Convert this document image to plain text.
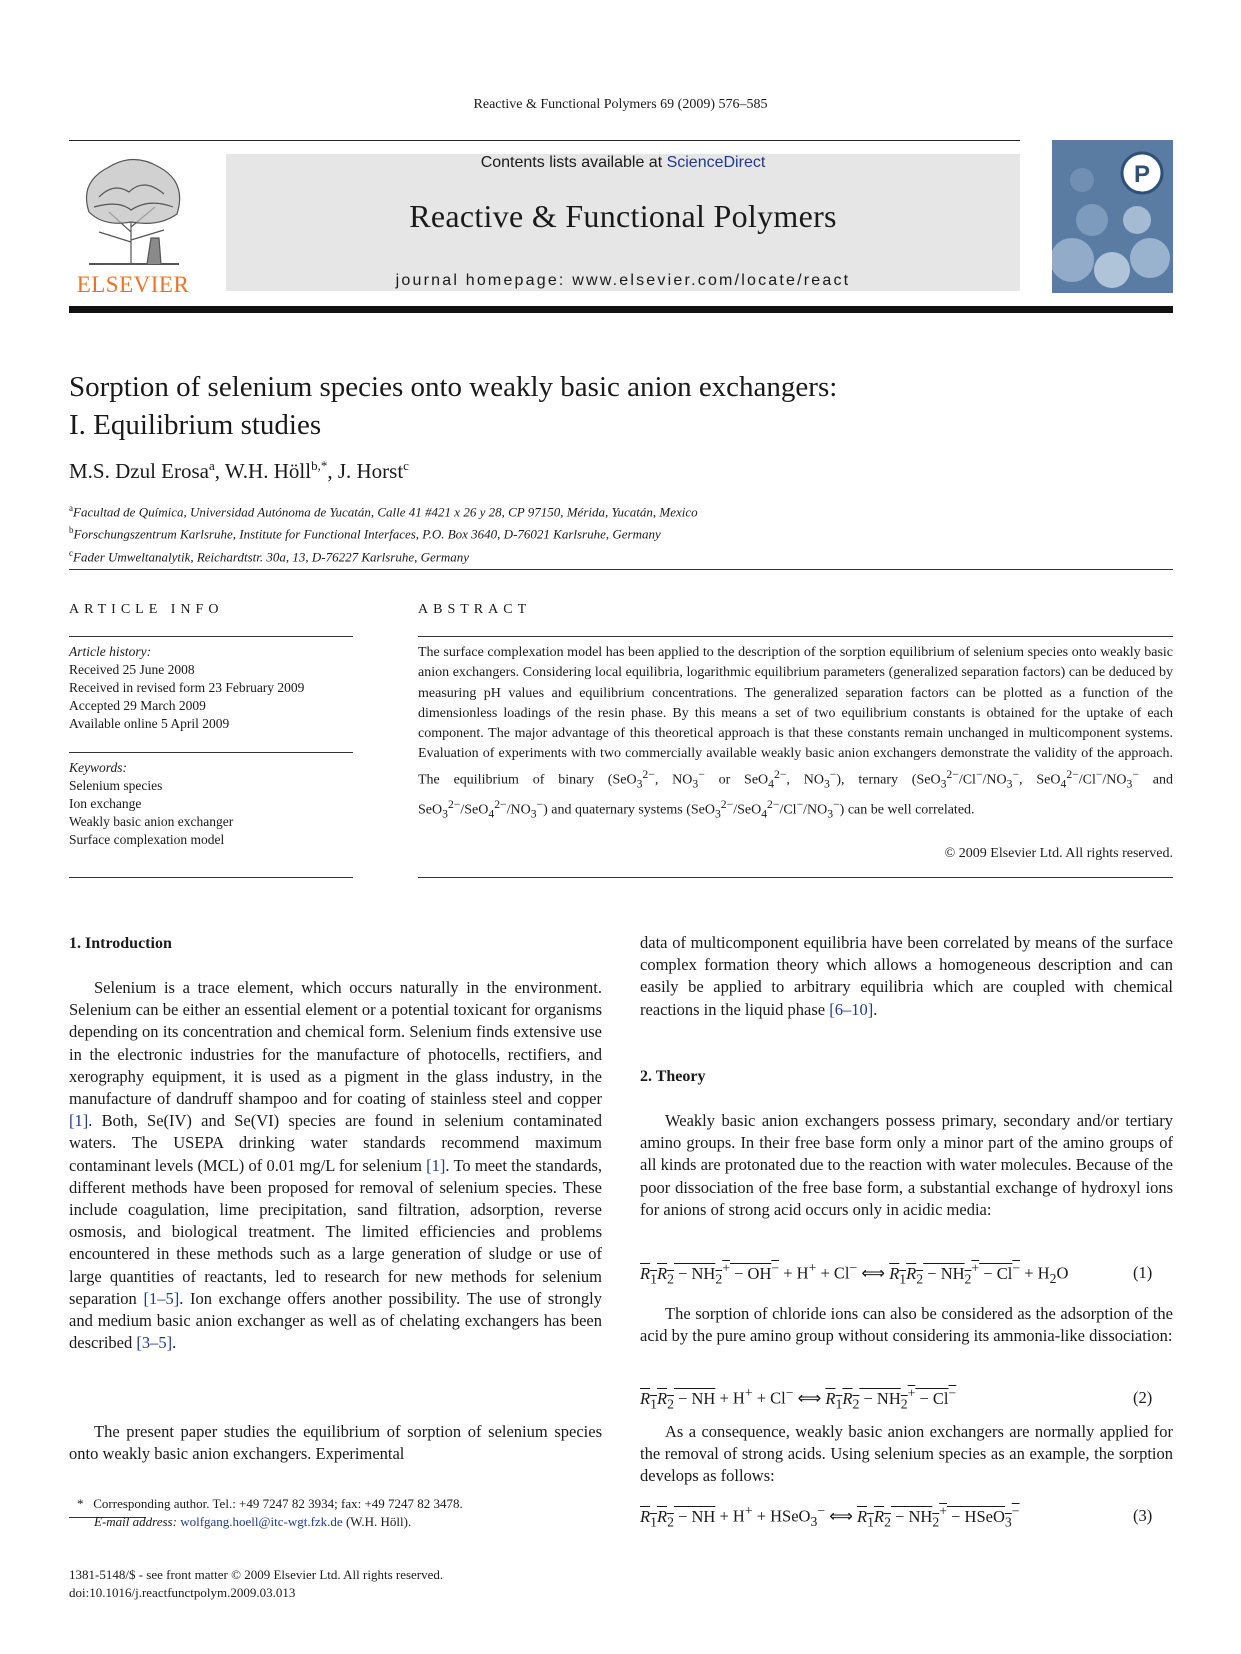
Reactive & Functional Polymers 69 (2009) 576–585
ELSEVIER
Contents lists available at ScienceDirect
Reactive & Functional Polymers
journal homepage: www.elsevier.com/locate/react
P
Sorption of selenium species onto weakly basic anion exchangers:
I. Equilibrium studies
M.S. Dzul Erosa$^a$, W.H. Höll$^{b,*}$, J. Horst$^c$
$^a$Facultad de Química, Universidad Autónoma de Yucatán, Calle 41 #421 x 26 y 28, CP 97150, Mérida, Yucatán, Mexico
$^b$Forschungszentrum Karlsruhe, Institute for Functional Interfaces, P.O. Box 3640, D-76021 Karlsruhe, Germany
$^c$Fader Umweltanalytik, Reichardtstr. 30a, 13, D-76227 Karlsruhe, Germany
ARTICLE INFO
Article history:
Received 25 June 2008
Received in revised form 23 February 2009
Accepted 29 March 2009
Available online 5 April 2009
Keywords:
Selenium species
Ion exchange
Weakly basic anion exchanger
Surface complexation model
ABSTRACT
The surface complexation model has been applied to the description of the sorption equilibrium of selenium species onto weakly basic anion exchangers. Considering local equilibria, logarithmic equilibrium parameters (generalized separation factors) can be deduced by measuring pH values and equilibrium concentrations. The generalized separation factors can be plotted as a function of the dimensionless loadings of the resin phase. By this means a set of two equilibrium constants is obtained for the uptake of each component. The major advantage of this theoretical approach is that these constants remain unchanged in multicomponent systems. Evaluation of experiments with two commercially available weakly basic anion exchangers demonstrate the validity of the approach. The equilibrium of binary (SeO$_3^{2-}$, $NO_3^-$ or SeO$_4^{2-}$, $NO_3^-$), ternary ($SeO_3^{2-}/Cl^-/NO_3^-$, $SeO_4^{2-}/Cl^-/NO_3^-$ and $SeO_3^{2-}/SeO_4^{2-}/NO_3^-$) and quaternary systems $(SeO_3^{2-}/SeO_4^{2-}/Cl^-/NO_3^-)$ can be well correlated.
© 2009 Elsevier Ltd. All rights reserved.
1. Introduction
Selenium is a trace element, which occurs naturally in the environment. Selenium can be either an essential element or a potential toxicant for organisms depending on its concentration and chemical form. Selenium finds extensive use in the electronic industries for the manufacture of photocells, rectifiers, and xerography equipment, it is used as a pigment in the glass industry, in the manufacture of dandruff shampoo and for coating of stainless steel and copper [1]. Both, Se(IV) and Se(VI) species are found in selenium contaminated waters. The USEPA drinking water standards recommend maximum contaminant levels (MCL) of 0.01 mg/L for selenium [1]. To meet the standards, different methods have been proposed for removal of selenium species. These include coagulation, lime precipitation, sand filtration, adsorption, reverse osmosis, and biological treatment. The limited efficiencies and problems encountered in these methods such as a large generation of sludge or use of large quantities of reactants, led to research for new methods for selenium separation [1–5]. Ion exchange offers another possibility. The use of strongly and medium basic anion exchanger as well as of chelating exchangers has been described [3–5].
The present paper studies the equilibrium of sorption of selenium species onto weakly basic anion exchangers. Experimental
* Corresponding author. Tel.: +49 7247 82 3934; fax: +49 7247 82 3478.
E-mail address: wolfgang.hoell@itc-wgt.fzk.de (W.H. Höll).
1381-5148/$ - see front matter © 2009 Elsevier Ltd. All rights reserved.
doi:10.1016/j.reactfunctpolym.2009.03.013
data of multicomponent equilibria have been correlated by means of the surface complex formation theory which allows a homogeneous description and can easily be applied to arbitrary equilibria which are coupled with chemical reactions in the liquid phase [6–10].
2. Theory
Weakly basic anion exchangers possess primary, secondary and/or tertiary amino groups. In their free base form only a minor part of the amino groups of all kinds are protonated due to the reaction with water molecules. Because of the poor dissociation of the free base form, a substantial exchange of hydroxyl ions for anions of strong acid occurs only in acidic media:
$R_1R_2 - NH_2^+ - OH^- + H^+ + Cl^-$ ⟺ $R_1R_2 - NH_2^+ - Cl^- + H_2O$	(1)
The sorption of chloride ions can also be considered as the adsorption of the acid by the pure amino group without considering its ammonia-like dissociation:
$R_1R_2$ − NH + H+ + Cl− ⟺ $R_1R_2 - NH_2^+ - Cl^-$	(2)
As a consequence, weakly basic anion exchangers are normally applied for the removal of strong acids. Using selenium species as an example, the sorption develops as follows:
$R_1R_2$ − NH + H+ + HSeO$_3$− ⟺ $R_1R_2 - NH_2^+$ − HSeO$_3$−	(3)
